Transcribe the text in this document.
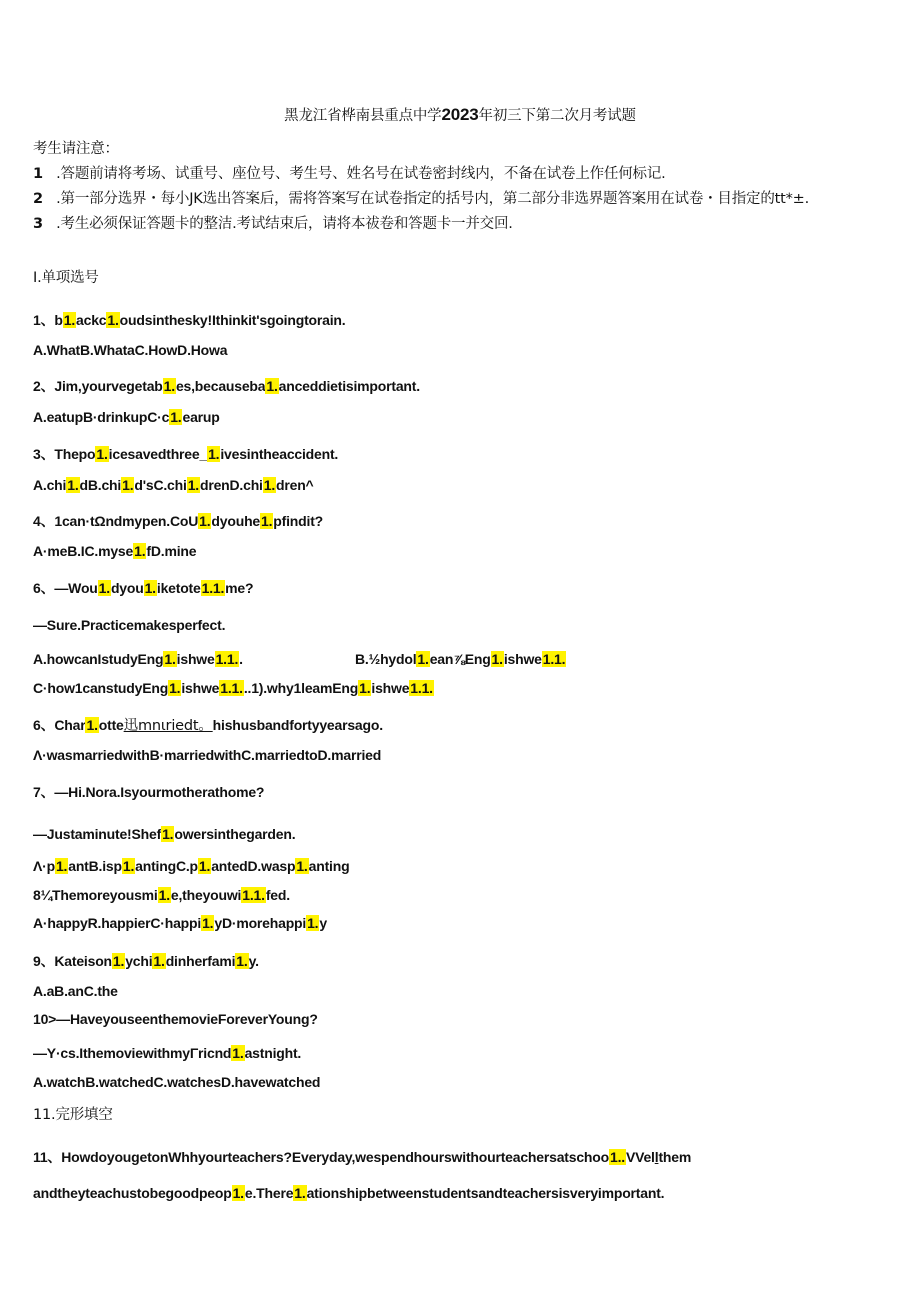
黑龙江省桦南县重点中学2023年初三下第二次月考试题
考生请注意：
1 .答题前请将考场、试重号、座位号、考生号、姓名号在试卷密封线内，不备在试卷上作任何标记.
2 .第一部分选界・每小JK选出答案后，需将答案写在试卷指定的括号内，第二部分非选界题答案用在试卷・目指定的tt*±.
3 .考生必须保证答题卡的整洁.考试结束后，请将本祓卷和答题卡一并交回.
I.单项选号
1、b1.ackc1.oudsinthesky!Ithinkit'sgoingtorain.
A.WhatB.WhataC.HowD.Howa
2、Jim,yourvegetab1.es,becauseba1.anceddietisimportant.
A.eatupB·drinkupC·c1.earup
3、Thepo1.icesavedthree_1.ivesintheaccident.
A.chi1.dB.chi1.d'sC.chi1.drenD.chi1.dren^
4、1can·tΩndmypen.CoU1.dyouhe1.pfindit?
A·meB.IC.myse1.fD.mine
6、—Wou1.dyou1.iketote1.1.me?
—Sure.Practicemakesperfect.
A.howcanIstudyEng1.ishwe1.1..	B.½hydol1.ean⅞Eng1.ishwe1.1.
C·how1canstudyEng1.ishwe1.1...1).why1leamEng1.ishwe1.1.
6、Char1.otte迅mnιriedt。hishusbandfortyyearsago.
Λ·wasmarriedwithB·marriedwithC.marriedtoD.married
7、—Hi.Nora.Isyourmotherathome?
—Justaminute!Shef1.owersinthegarden.
Λ·p1.antB.isp1.antingC.p1.antedD.wasp1.anting
8¼Themoreyousmi1.e,theyouwi1.1.fed.
A·happyR.happierC·happi1.yD·morehappi1.y
9、Kateison1.ychi1.dinherfami1.y.
A.aB.anC.the
10>—HaveyouseenthemovieForeverYoung?
—Y·cs.IthemoviewithmyΓricnd1.astnight.
A.watchB.watchedC.watchesD.havewatched
11.完形填空
11、HowdoyougetonWhhyourteachers?Everyday,wespendhourswithourteachersatschoo1..VVellthem
andtheyteachustobegoodpeop1.e.There1.ationshipbetweenstudentsandteachersisveryimportant.
